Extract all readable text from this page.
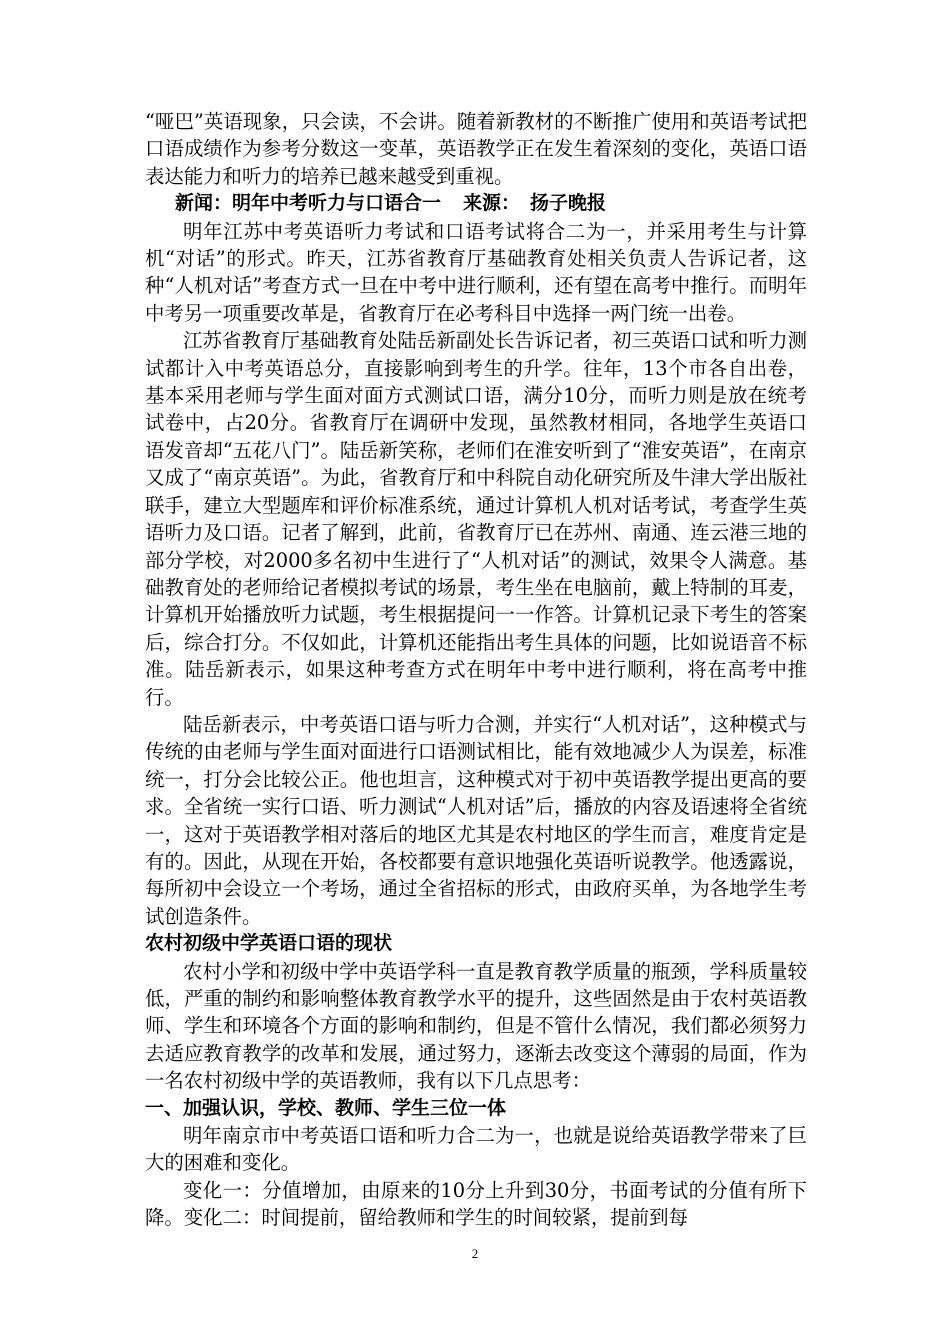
“哑巴”英语现象，只会读，不会讲。随着新教材的不断推广使用和英语考试把口语成绩作为参考分数这一变革，英语教学正在发生着深刻的变化，英语口语表达能力和听力的培养已越来越受到重视。

新闻：明年中考听力与口语合一 来源： 扬子晚报

明年江苏中考英语听力考试和口语考试将合二为一，并采用考生与计算机“对话”的形式。昨天，江苏省教育厅基础教育处相关负责人告诉记者，这种“人机对话”考查方式一旦在中考中进行顺利，还有望在高考中推行。而明年中考另一项重要改革是，省教育厅在必考科目中选择一两门统一出卷。

江苏省教育厅基础教育处陆岳新副处长告诉记者，初三英语口试和听力测试都计入中考英语总分，直接影响到考生的升学。往年，13个市各自出卷，基本采用老师与学生面对面方式测试口语，满分10分，而听力则是放在统考试卷中，占20分。省教育厅在调研中发现，虽然教材相同，各地学生英语口语发音却“五花八门”。陆岳新笑称，老师们在淮安听到了“淮安英语”，在南京又成了“南京英语”。为此，省教育厅和中科院自动化研究所及牛津大学出版社联手，建立大型题库和评价标准系统，通过计算机人机对话考试，考查学生英语听力及口语。记者了解到，此前，省教育厅已在苏州、南通、连云港三地的部分学校，对2000多名初中生进行了“人机对话”的测试，效果令人满意。基础教育处的老师给记者模拟考试的场景，考生坐在电脑前，戴上特制的耳麦，计算机开始播放听力试题，考生根据提问一一作答。计算机记录下考生的答案后，综合打分。不仅如此，计算机还能指出考生具体的问题，比如说语音不标准。陆岳新表示，如果这种考查方式在明年中考中进行顺利，将在高考中推行。

陆岳新表示，中考英语口语与听力合测，并实行“人机对话”，这种模式与传统的由老师与学生面对面进行口语测试相比，能有效地减少人为误差，标准统一，打分会比较公正。他也坦言，这种模式对于初中英语教学提出更高的要求。全省统一实行口语、听力测试“人机对话”后，播放的内容及语速将全省统一，这对于英语教学相对落后的地区尤其是农村地区的学生而言，难度肯定是有的。因此，从现在开始，各校都要有意识地强化英语听说教学。他透露说，每所初中会设立一个考场，通过全省招标的形式，由政府买单，为各地学生考试创造条件。

农村初级中学英语口语的现状

农村小学和初级中学中英语学科一直是教育教学质量的瓶颈，学科质量较低，严重的制约和影响整体教育教学水平的提升，这些固然是由于农村英语教师、学生和环境各个方面的影响和制约，但是不管什么情况，我们都必须努力去适应教育教学的改革和发展，通过努力，逐渐去改变这个薄弱的局面，作为一名农村初级中学的英语教师，我有以下几点思考：

一、加强认识，学校、教师、学生三位一体

明年南京市中考英语口语和听力合二为一，也就是说给英语教学带来了巨大的困难和变化。

变化一：分值增加，由原来的10分上升到30分，书面考试的分值有所下降。变化二：时间提前，留给教师和学生的时间较紧，提前到每

2
